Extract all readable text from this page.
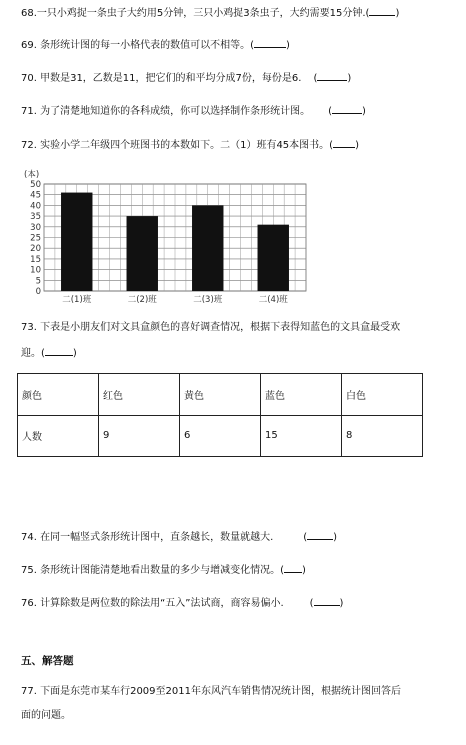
68.一只小鸡捉一条虫子大约用5分钟，三只小鸡捉3条虫子，大约需要15分钟.(	)
69. 条形统计图的每一小格代表的数值可以不相等。(	)
70. 甲数是31，乙数是11，把它们的和平均分成7份，每份是6. (	)
71. 为了清楚地知道你的各科成绩，你可以选择制作条形统计图。 (	)
72. 实验小学二年级四个班图书的本数如下。二（1）班有45本图书。( )
0
5
10
15
20
25
30
35
40
45
50
(本)
二(1)班	二(2)班	二(3)班	二(4)班
73. 下表是小朋友们对文具盒颜色的喜好调查情况，根据下表得知蓝色的文具盒最受欢
迎。(	)
颜色	红色	黄色	蓝色	白色
人数	9	6	15	8
74. 在同一幅竖式条形统计图中，直条越长，数量就越大.	(	)
75. 条形统计图能清楚地看出数量的多少与增减变化情况。( )
76. 计算除数是两位数的除法用“五入”法试商，商容易偏小.	(	)
五、解答题
77. 下面是东莞市某车行2009至2011年东风汽车销售情况统计图，根据统计图回答后
面的问题。
